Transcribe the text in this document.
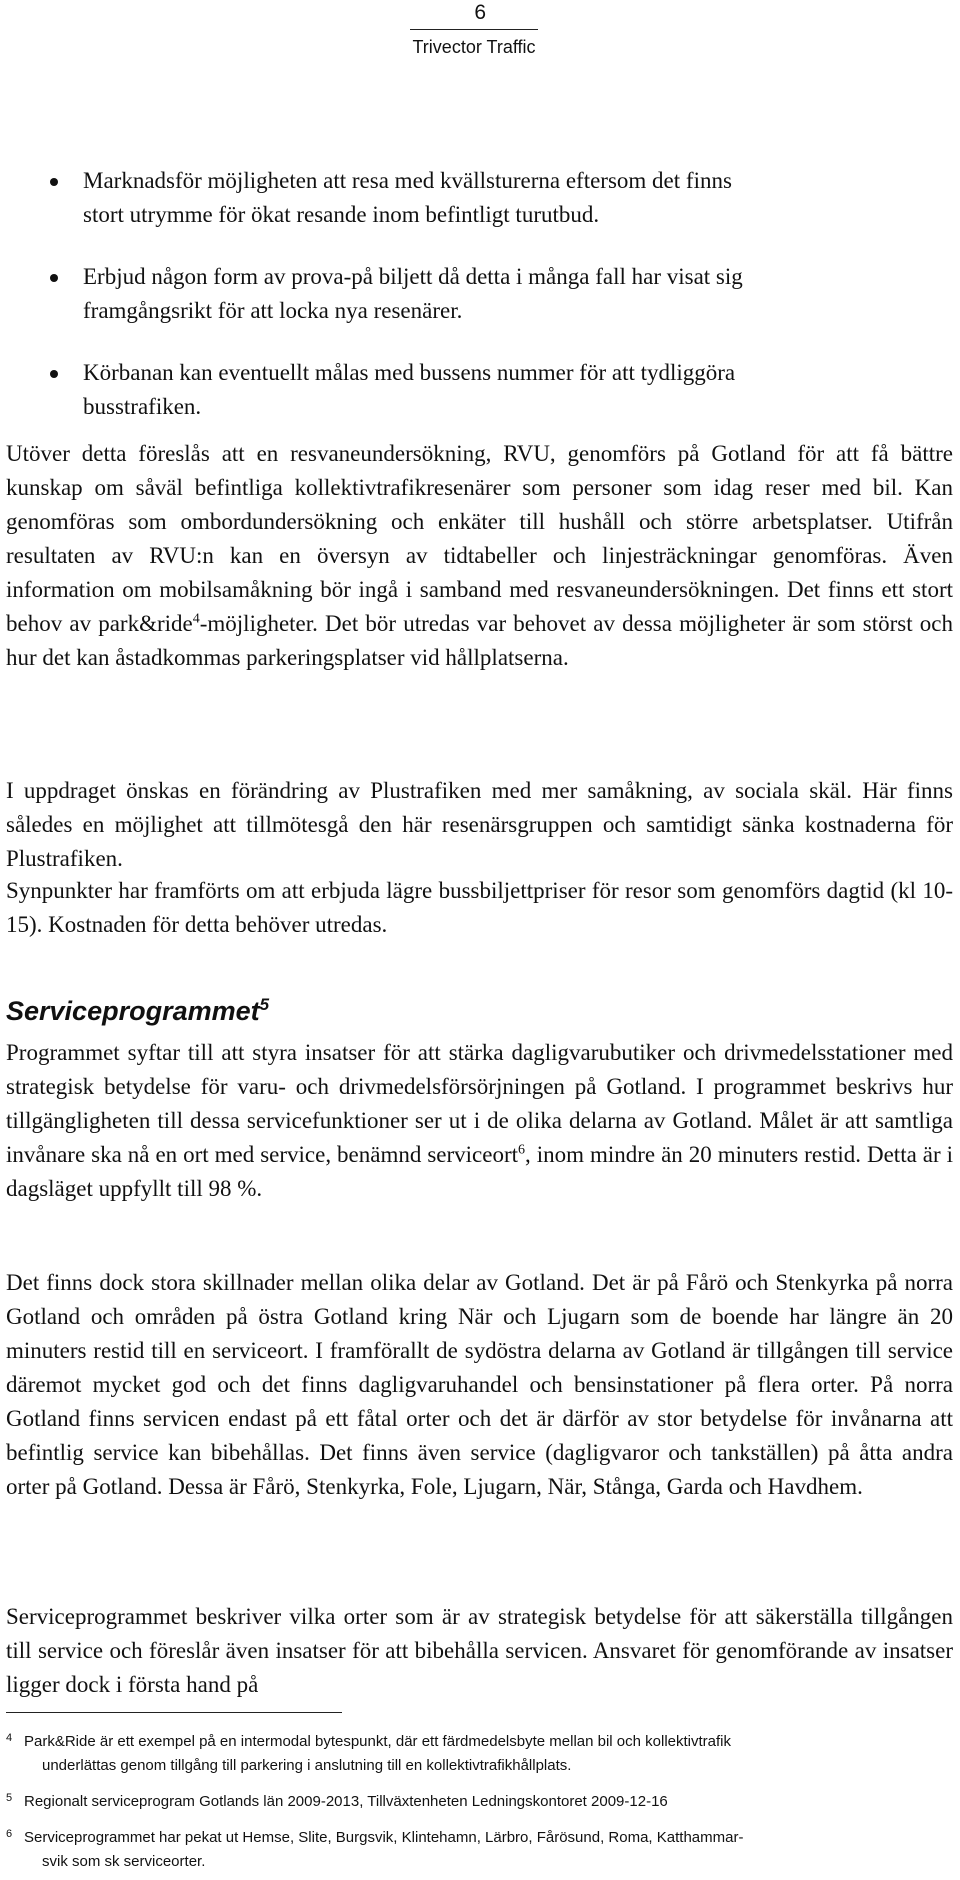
6
Trivector Traffic
Marknadsför möjligheten att resa med kvällsturerna eftersom det finns
stort utrymme för ökat resande inom befintligt turutbud.
Erbjud någon form av prova-på biljett då detta i många fall har visat sig
framgångsrikt för att locka nya resenärer.
Körbanan kan eventuellt målas med bussens nummer för att tydliggöra
busstrafiken.

Utöver detta föreslås att en resvaneundersökning, RVU, genomförs på Gotland för att få bättre kunskap om såväl befintliga kollektivtrafikresenärer som personer som idag reser med bil. Kan genomföras som ombordundersökning och enkäter till hushåll och större arbetsplatser. Utifrån resultaten av RVU:n kan en översyn av tidtabeller och linjesträckningar genomföras. Även information om mobilsamåkning bör ingå i samband med resvaneundersökningen. Det finns ett stort behov av park&ride$^4$-möjligheter. Det bör utredas var behovet av dessa möjligheter är som störst och hur det kan åstadkommas parkeringsplatser vid hållplatserna.

I uppdraget önskas en förändring av Plustrafiken med mer samåkning, av sociala skäl. Här finns således en möjlighet att tillmötesgå den här resenärsgruppen och samtidigt sänka kostnaderna för Plustrafiken.

Synpunkter har framförts om att erbjuda lägre bussbiljettpriser för resor som genomförs dagtid (kl 10-15). Kostnaden för detta behöver utredas.

Serviceprogrammet$^5$

Programmet syftar till att styra insatser för att stärka dagligvarubutiker och drivmedelsstationer med strategisk betydelse för varu- och drivmedelsförsörjningen på Gotland. I programmet beskrivs hur tillgängligheten till dessa servicefunktioner ser ut i de olika delarna av Gotland. Målet är att samtliga invånare ska nå en ort med service, benämnd serviceort$^6$, inom mindre än 20 minuters restid. Detta är i dagsläget uppfyllt till 98 %.

Det finns dock stora skillnader mellan olika delar av Gotland. Det är på Fårö och Stenkyrka på norra Gotland och områden på östra Gotland kring När och Ljugarn som de boende har längre än 20 minuters restid till en serviceort. I framförallt de sydöstra delarna av Gotland är tillgången till service däremot mycket god och det finns dagligvaruhandel och bensinstationer på flera orter. På norra Gotland finns servicen endast på ett fåtal orter och det är därför av stor betydelse för invånarna att befintlig service kan bibehållas. Det finns även service (dagligvaror och tankställen) på åtta andra orter på Gotland. Dessa är Fårö, Stenkyrka, Fole, Ljugarn, När, Stånga, Garda och Havdhem.

Serviceprogrammet beskriver vilka orter som är av strategisk betydelse för att säkerställa tillgången till service och föreslår även insatser för att bibehålla servicen. Ansvaret för genomförande av insatser ligger dock i första hand på

4 Park&Ride är ett exempel på en intermodal bytespunkt, där ett färdmedelsbyte mellan bil och kollektivtrafik
underlättas genom tillgång till parkering i anslutning till en kollektivtrafikhållplats.
5 Regionalt serviceprogram Gotlands län 2009-2013, Tillväxtenheten Ledningskontoret 2009-12-16
6 Serviceprogrammet har pekat ut Hemse, Slite, Burgsvik, Klintehamn, Lärbro, Fårösund, Roma, Katthammar-
svik som sk serviceorter.
